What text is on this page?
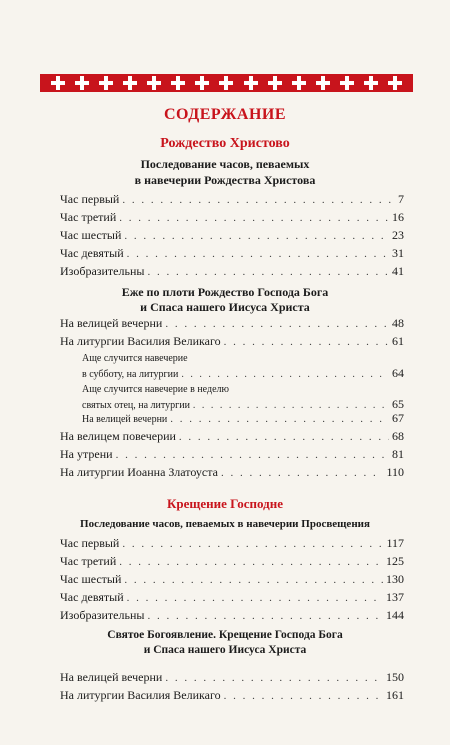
СОДЕРЖАНИЕ
Рождество Христово
Последование часов, певаемых
в навечерии Рождества Христова
Час первый . . .	7
Час третий . . .	16
Час шестый . . .	23
Час девятый . . .	31
Изобразительны . . .	41
Еже по плоти Рождество Господа Бога
и Спаса нашего Иисуса Христа
На велицей вечерни . . .	48
На литургии Василия Великаго . . .	61
Аще случится навечерие
в субботу, на литургии . . .	64
Аще случится навечерие в неделю
святых отец, на литургии . . .	65
На велицей вечерни . . .	67
На велицем повечерии . . .	68
На утрени . . .	81
На литургии Иоанна Златоуста . . .	110
Крещение Господне
Последование часов, певаемых в навечерии Просвещения
Час первый . . .	117
Час третий . . .	125
Час шестый . . .	130
Час девятый . . .	137
Изобразительны . . .	144
Святое Богоявление. Крещение Господа Бога
и Спаса нашего Иисуса Христа
На велицей вечерни . . .	150
На литургии Василия Великаго . . .	161
